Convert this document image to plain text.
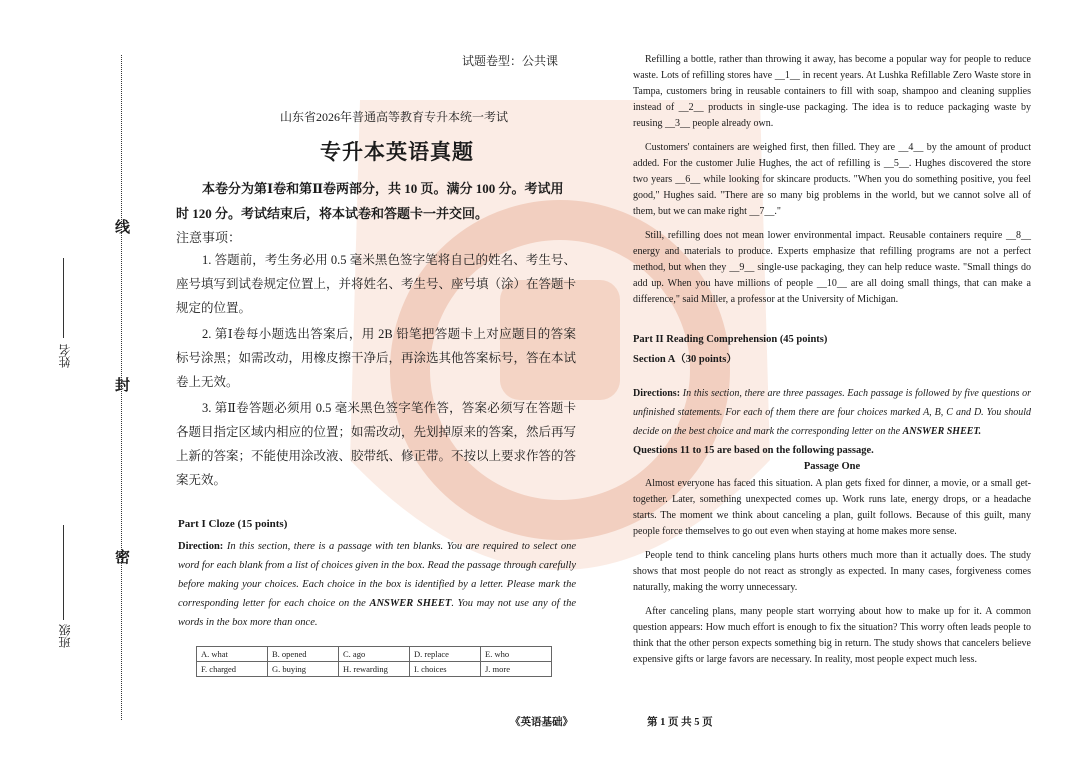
姓名
班级
线
封
密
试题卷型：公共课
山东省2026年普通高等教育专升本统一考试
专升本英语真题
本卷分为第Ⅰ卷和第Ⅱ卷两部分，共 10 页。满分 100 分。考试用时 120 分。考试结束后，将本试卷和答题卡一并交回。
注意事项：

1. 答题前，考生务必用 0.5 毫米黑色签字笔将自己的姓名、考生号、座号填写到试卷规定位置上，并将姓名、考生号、座号填（涂）在答题卡规定的位置。

2. 第Ⅰ卷每小题选出答案后，用 2B 铅笔把答题卡上对应题目的答案标号涂黑；如需改动，用橡皮擦干净后，再涂选其他答案标号，答在本试卷上无效。

3. 第Ⅱ卷答题必须用 0.5 毫米黑色签字笔作答，答案必须写在答题卡各题目指定区域内相应的位置；如需改动，先划掉原来的答案，然后再写上新的答案；不能使用涂改液、胶带纸、修正带。不按以上要求作答的答案无效。

Part I Cloze (15 points)
Direction: In this section, there is a passage with ten blanks. You are required to select one word for each blank from a list of choices given in the box. Read the passage through carefully before making your choices. Each choice in the box is identified by a letter. Please mark the corresponding letter for each choice on the ANSWER SHEET. You may not use any of the words in the box more than once.
A. what	B. opened	C. ago	D. replace	E. who
F. charged	G. buying	H. rewarding	I. choices	J. more

Refilling a bottle, rather than throwing it away, has become a popular way for people to reduce waste. Lots of refilling stores have __1__ in recent years. At Lushka Refillable Zero Waste store in Tampa, customers bring in reusable containers to fill with soap, shampoo and cleaning supplies instead of __2__ products in single-use packaging. The idea is to reduce packaging waste by reusing __3__ people already own.

Customers' containers are weighed first, then filled. They are __4__ by the amount of product added. For the customer Julie Hughes, the act of refilling is __5__. Hughes discovered the store two years __6__ while looking for skincare products. "When you do something positive, you feel good," Hughes said. "There are so many big problems in the world, but we cannot solve all of them, but we can make right __7__."

Still, refilling does not mean lower environmental impact. Reusable containers require __8__ energy and materials to produce. Experts emphasize that refilling programs are not a perfect method, but when they __9__ single-use packaging, they can help reduce waste. "Small things do add up. When you have millions of people __10__ are all doing small things, that can make a difference," said Miller, a professor at the University of Michigan.

Part II Reading Comprehension (45 points)
Section A（30 points）
Directions: In this section, there are three passages. Each passage is followed by five questions or unfinished statements. For each of them there are four choices marked A, B, C and D. You should decide on the best choice and mark the corresponding letter on the ANSWER SHEET.
Questions 11 to 15 are based on the following passage.
Passage One

Almost everyone has faced this situation. A plan gets fixed for dinner, a movie, or a small get-together. Later, something unexpected comes up. Work runs late, energy drops, or a headache starts. The moment we think about canceling a plan, guilt follows. Because of this guilt, many people force themselves to go out even when staying at home makes more sense.

People tend to think canceling plans hurts others much more than it actually does. The study shows that most people do not react as strongly as expected. In many cases, forgiveness comes naturally, making the worry unnecessary.

After canceling plans, many people start worrying about how to make up for it. A common question appears: How much effort is enough to fix the situation? This worry often leads people to think that the other person expects something big in return. The study shows that cancelers believe expensive gifts or large favors are necessary. In reality, most people expect much less.

《英语基础》	第 1 页 共 5 页
